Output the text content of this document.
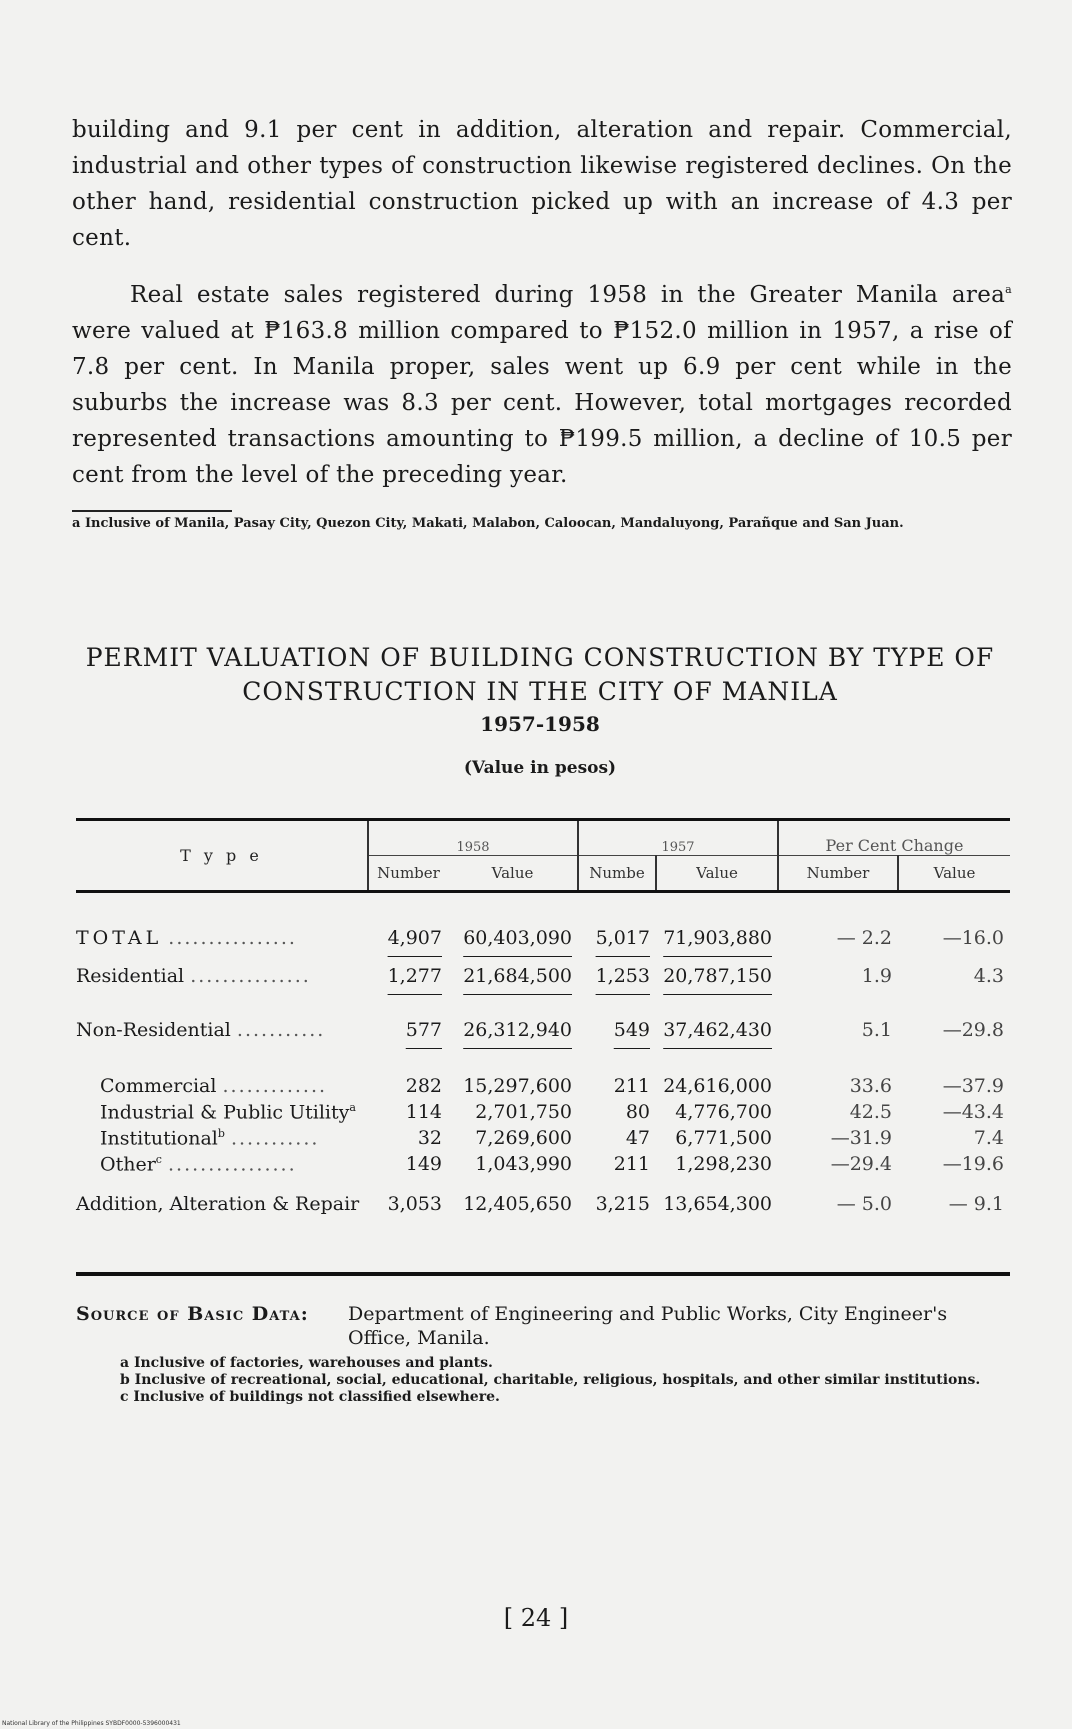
building and 9.1 per cent in addition, alteration and repair. Commercial, industrial and other types of construction likewise registered declines. On the other hand, residential construction picked up with an increase of 4.3 per cent.

Real estate sales registered during 1958 in the Greater Manila area$^a$ were valued at ₱163.8 million compared to ₱152.0 million in 1957, a rise of 7.8 per cent. In Manila proper, sales went up 6.9 per cent while in the suburbs the increase was 8.3 per cent. However, total mortgages recorded represented transactions amounting to ₱199.5 million, a decline of 10.5 per cent from the level of the preceding year.

a Inclusive of Manila, Pasay City, Quezon City, Makati, Malabon, Caloocan, Mandaluyong, Parañque and San Juan.
PERMIT VALUATION OF BUILDING CONSTRUCTION BY TYPE OF
CONSTRUCTION IN THE CITY OF MANILA
1957-1958
(Value in pesos)
T y p e	1958		1957		Per Cent Change	
	Number	Value	Numbe	Value	Number	Value
TOTAL ................	4,907	60,403,090	5,017	71,903,880	— 2.2	—16.0
Residential ...............	1,277	21,684,500	1,253	20,787,150	1.9	4.3
Non-Residential ...........	577	26,312,940	549	37,462,430	5.1	—29.8

Commercial .............	282	15,297,600	211	24,616,000	33.6	—37.9
Industrial & Public Utility$^a$	114	2,701,750	80	4,776,700	42.5	—43.4
Institutional$^b$ ...........	32	7,269,600	47	6,771,500	—31.9	7.4
Other$^c$ ................	149	1,043,990	211	1,298,230	—29.4	—19.6
Addition, Alteration & Repair	3,053	12,405,650	3,215	13,654,300	— 5.0	— 9.1
Source of Basic Data: Department of Engineering and Public Works, City Engineer's Office, Manila.
a Inclusive of factories, warehouses and plants.
b Inclusive of recreational, social, educational, charitable, religious, hospitals, and other similar institutions.
c Inclusive of buildings not classified elsewhere.
[ 24 ]
National Library of the Philippines SYBDF0000-5396000431
